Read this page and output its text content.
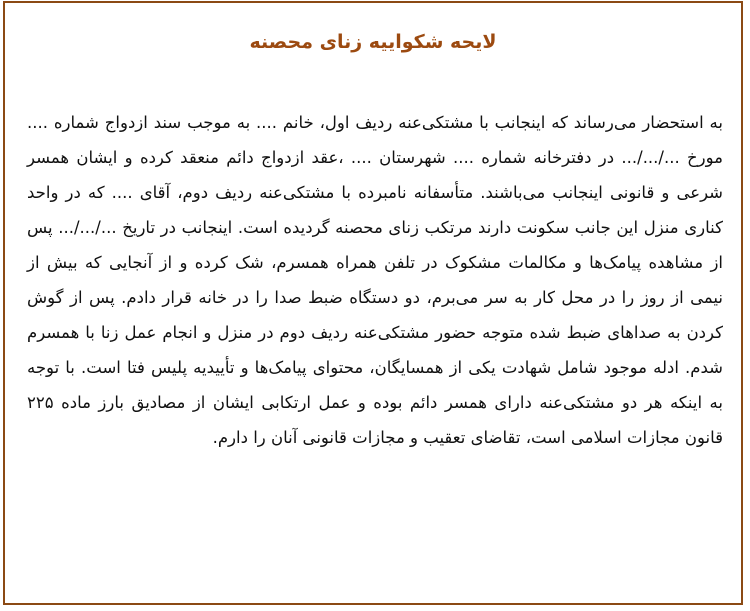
لایحه شکواییه زنای محصنه

به استحضار می‌رساند که اینجانب با مشتکی‌عنه ردیف اول، خانم .... به موجب سند ازدواج شماره .... مورخ .../.../... در دفترخانه شماره .... شهرستان .... ،عقد ازدواج دائم منعقد کرده و ایشان همسر شرعی و قانونی اینجانب می‌باشند. متأسفانه نامبرده با مشتکی‌عنه ردیف دوم، آقای .... که در واحد کناری منزل این جانب سکونت دارند مرتکب زنای محصنه گردیده است. اینجانب در تاریخ .../.../... پس از مشاهده پیامک‌ها و مکالمات مشکوک در تلفن همراه همسرم، شک کرده و از آنجایی که بیش از نیمی از روز را در محل کار به سر می‌برم، دو دستگاه ضبط صدا را در خانه قرار دادم. پس از گوش کردن به صداهای ضبط شده متوجه حضور مشتکی‌عنه ردیف دوم در منزل و انجام عمل زنا با همسرم شدم. ادله موجود شامل شهادت یکی از همسایگان، محتوای پیامک‌ها و تأییدیه پلیس فتا است. با توجه به اینکه هر دو مشتکی‌عنه دارای همسر دائم بوده و عمل ارتکابی ایشان از مصادیق بارز ماده ۲۲۵ قانون مجازات اسلامی است، تقاضای تعقیب و مجازات قانونی آنان را دارم.
